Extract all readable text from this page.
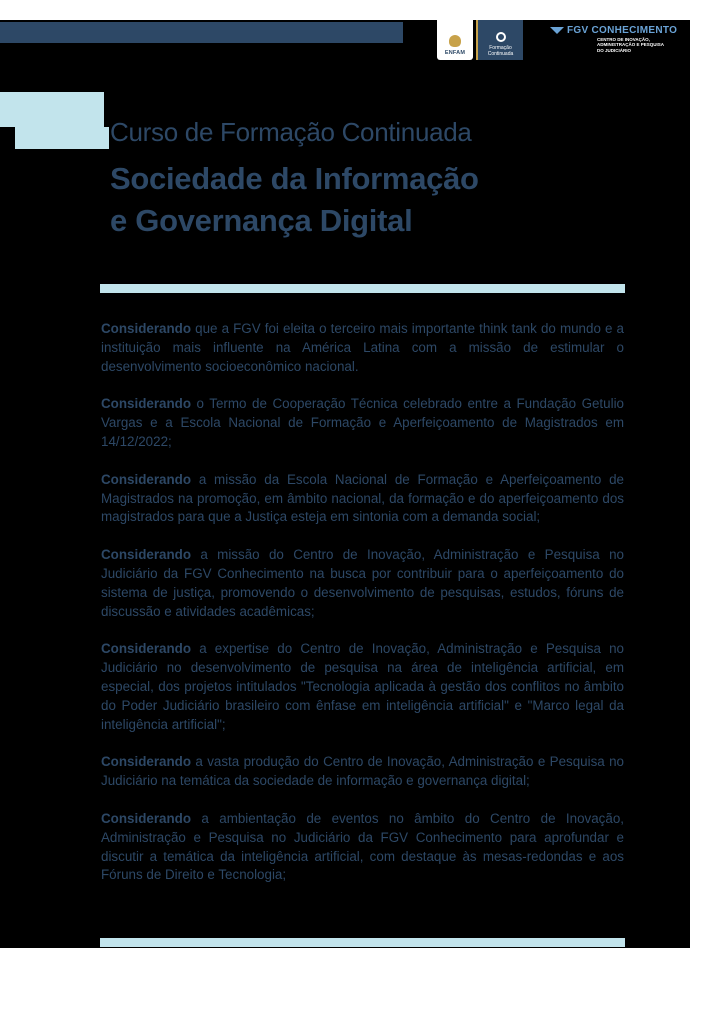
ENFAM
Formação
Continuada
FGV CONHECIMENTO
CENTRO DE INOVAÇÃO,
ADMINISTRAÇÃO E PESQUISA
DO JUDICIÁRIO
Curso de Formação Continuada
Sociedade da Informação
e Governança Digital

Considerando que a FGV foi eleita o terceiro mais importante think tank do mundo e a instituição mais influente na América Latina com a missão de estimular o desenvolvimento socioeconômico nacional.

Considerando o Termo de Cooperação Técnica celebrado entre a Fundação Getulio Vargas e a Escola Nacional de Formação e Aperfeiçoamento de Magistrados em 14/12/2022;

Considerando a missão da Escola Nacional de Formação e Aperfeiçoamento de Magistrados na promoção, em âmbito nacional, da formação e do aperfeiçoamento dos magistrados para que a Justiça esteja em sintonia com a demanda social;

Considerando a missão do Centro de Inovação, Administração e Pesquisa no Judiciário da FGV Conhecimento na busca por contribuir para o aperfeiçoamento do sistema de justiça, promovendo o desenvolvimento de pesquisas, estudos, fóruns de discussão e atividades acadêmicas;

Considerando a expertise do Centro de Inovação, Administração e Pesquisa no Judiciário no desenvolvimento de pesquisa na área de inteligência artificial, em especial, dos projetos intitulados "Tecnologia aplicada à gestão dos conflitos no âmbito do Poder Judiciário brasileiro com ênfase em inteligência artificial" e "Marco legal da inteligência artificial";

Considerando a vasta produção do Centro de Inovação, Administração e Pesquisa no Judiciário na temática da sociedade de informação e governança digital;

Considerando a ambientação de eventos no âmbito do Centro de Inovação, Administração e Pesquisa no Judiciário da FGV Conhecimento para aprofundar e discutir a temática da inteligência artificial, com destaque às mesas-redondas e aos Fóruns de Direito e Tecnologia;
